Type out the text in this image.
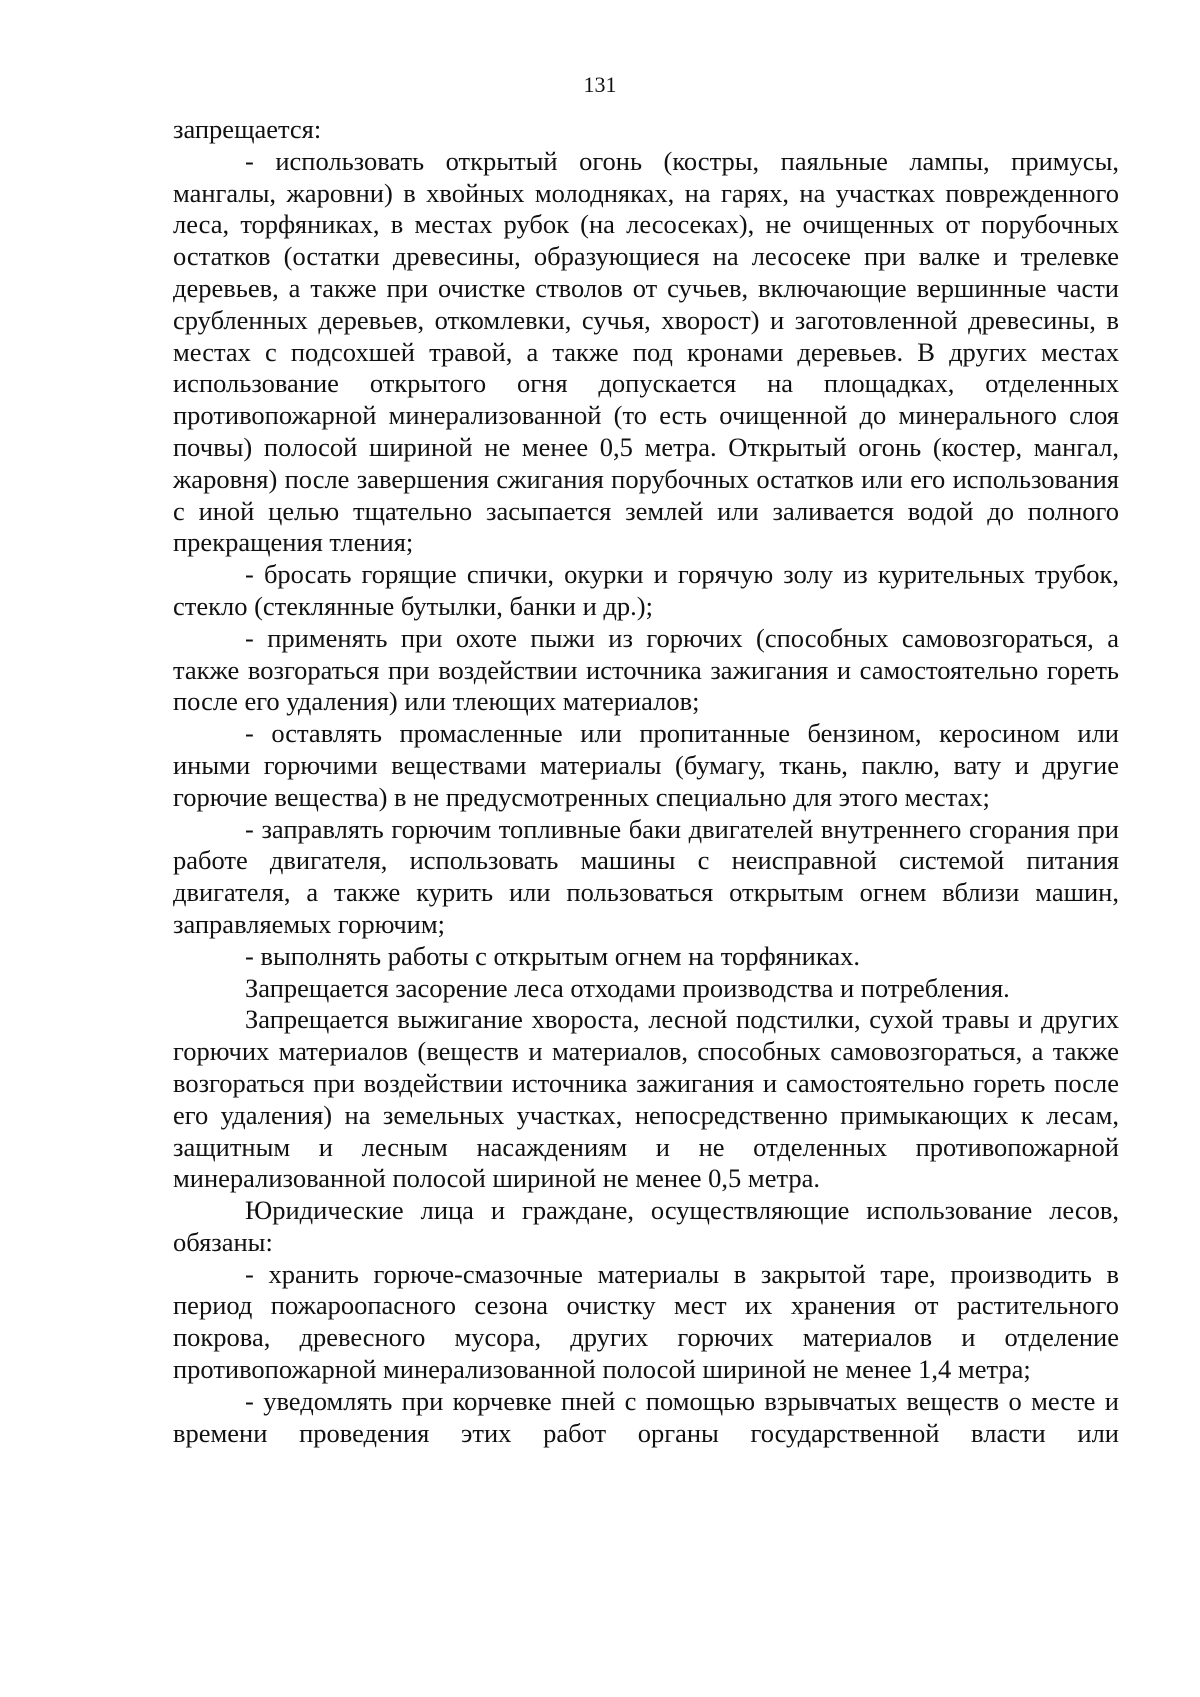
131

запрещается:

- использовать открытый огонь (костры, паяльные лампы, примусы, мангалы, жаровни) в хвойных молодняках, на гарях, на участках поврежденного леса, торфяниках, в местах рубок (на лесосеках), не очищенных от порубочных остатков (остатки древесины, образующиеся на лесосеке при валке и трелевке деревьев, а также при очистке стволов от сучьев, включающие вершинные части срубленных деревьев, откомлевки, сучья, хворост) и заготовленной древесины, в местах с подсохшей травой, а также под кронами деревьев. В других местах использование открытого огня допускается на площадках, отделенных противопожарной минерализованной (то есть очищенной до минерального слоя почвы) полосой шириной не менее 0,5 метра. Открытый огонь (костер, мангал, жаровня) после завершения сжигания порубочных остатков или его использования с иной целью тщательно засыпается землей или заливается водой до полного прекращения тления;

- бросать горящие спички, окурки и горячую золу из курительных трубок, стекло (стеклянные бутылки, банки и др.);

- применять при охоте пыжи из горючих (способных самовозгораться, а также возгораться при воздействии источника зажигания и самостоятельно гореть после его удаления) или тлеющих материалов;

- оставлять промасленные или пропитанные бензином, керосином или иными горючими веществами материалы (бумагу, ткань, паклю, вату и другие горючие вещества) в не предусмотренных специально для этого местах;

- заправлять горючим топливные баки двигателей внутреннего сгорания при работе двигателя, использовать машины с неисправной системой питания двигателя, а также курить или пользоваться открытым огнем вблизи машин, заправляемых горючим;

- выполнять работы с открытым огнем на торфяниках.

Запрещается засорение леса отходами производства и потребления.

Запрещается выжигание хвороста, лесной подстилки, сухой травы и других горючих материалов (веществ и материалов, способных самовозгораться, а также возгораться при воздействии источника зажигания и самостоятельно гореть после его удаления) на земельных участках, непосредственно примыкающих к лесам, защитным и лесным насаждениям и не отделенных противопожарной минерализованной полосой шириной не менее 0,5 метра.

Юридические лица и граждане, осуществляющие использование лесов, обязаны:

- хранить горюче-смазочные материалы в закрытой таре, производить в период пожароопасного сезона очистку мест их хранения от растительного покрова, древесного мусора, других горючих материалов и отделение противопожарной минерализованной полосой шириной не менее 1,4 метра;

- уведомлять при корчевке пней с помощью взрывчатых веществ о месте и времени проведения этих работ органы государственной власти или
